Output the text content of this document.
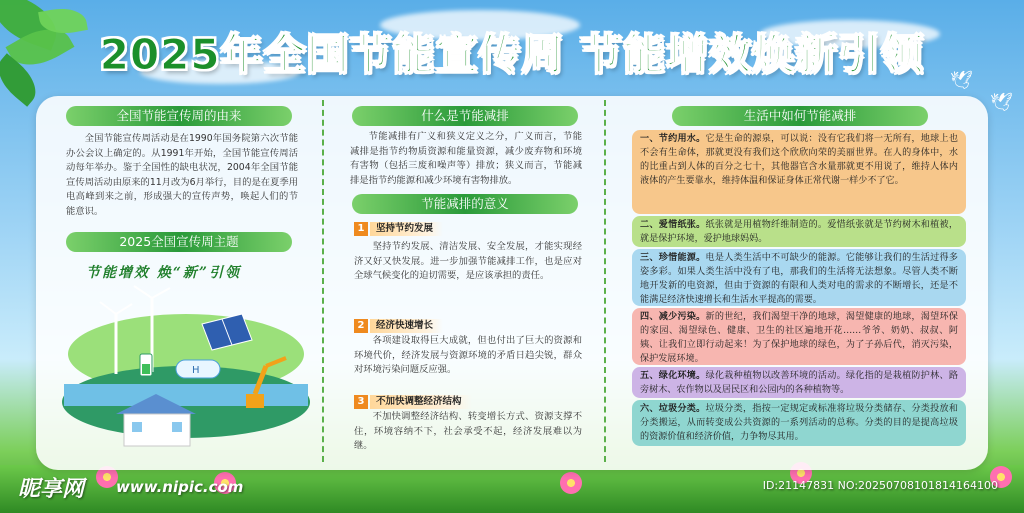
🕊
🕊
2025年全国节能宣传周 节能增效焕新引领
全国节能宣传周的由来
全国节能宣传周活动是在1990年国务院第六次节能办公会议上确定的。从1991年开始，全国节能宣传周活动每年举办。鉴于全国性的缺电状况，2004年全国节能宣传周活动由原来的11月改为6月举行，目的是在夏季用电高峰到来之前，形成强大的宣传声势，唤起人们的节能意识。
2025全国宣传周主题
节能增效 焕“新”引领
H
什么是节能减排
节能减排有广义和狭义定义之分，广义而言，节能减排是指节约物质资源和能量资源，减少废弃物和环境有害物（包括三废和噪声等）排放；狭义而言，节能减排是指节约能源和减少环境有害物排放。
节能减排的意义
1	坚持节约发展
坚持节约发展、清洁发展、安全发展，才能实现经济又好又快发展。进一步加强节能减排工作，也是应对全球气候变化的迫切需要，是应该承担的责任。
2	经济快速增长
各项建设取得巨大成就，但也付出了巨大的资源和环境代价，经济发展与资源环境的矛盾日趋尖锐，群众对环境污染问题反应强。
3	不加快调整经济结构
不加快调整经济结构、转变增长方式、资源支撑不住，环境容纳不下，社会承受不起，经济发展难以为继。
生活中如何节能减排
一、节约用水。它是生命的源泉，可以说：没有它我们将一无所有，地球上也不会有生命体，那就更没有我们这个欣欣向荣的美丽世界。在人的身体中，水的比重占到人体的百分之七十，其他器官含水量那就更不用说了，维持人体内液体的产生要靠水，维持体温和保证身体正常代谢一样少不了它。
二、爱惜纸张。纸张就是用植物纤维制造的。爱惜纸张就是节约树木和植被，就是保护环境，爱护地球妈妈。
三、珍惜能源。电是人类生活中不可缺少的能源。它能够让我们的生活过得多姿多彩。如果人类生活中没有了电，那我们的生活将无法想象。尽管人类不断地开发新的电资源，但由于资源的有限和人类对电的需求的不断增长，还是不能满足经济快速增长和生活水平提高的需要。
四、减少污染。新的世纪，我们渴望干净的地球，渴望健康的地球，渴望环保的家园、渴望绿色、健康、卫生的社区遍地开花……爷爷、奶奶、叔叔、阿姨、让我们立即行动起来！为了保护地球的绿色，为了子孙后代，消灭污染，保护发展环境。
五、绿化环境。绿化栽种植物以改善环境的活动。绿化指的是栽植防护林、路旁树木、农作物以及居民区和公园内的各种植物等。
六、垃圾分类。垃圾分类，指按一定规定或标准将垃圾分类储存、分类投放和分类搬运，从而转变成公共资源的一系列活动的总称。分类的目的是提高垃圾的资源价值和经济价值，力争物尽其用。
昵享网 www.nipic.com	ID:21147831 NO:20250708101814164100
